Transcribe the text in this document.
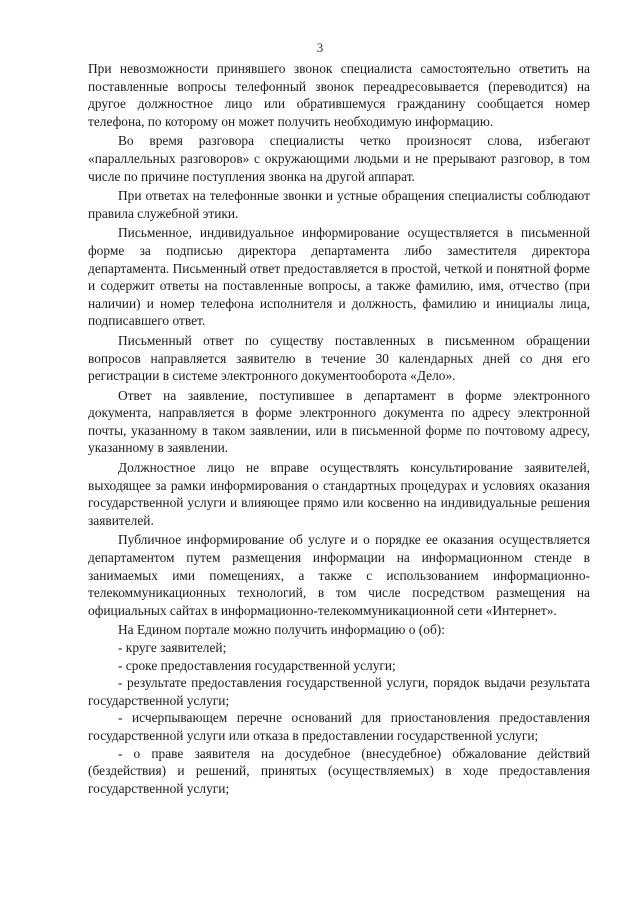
3

При невозможности принявшего звонок специалиста самостоятельно ответить на поставленные вопросы телефонный звонок переадресовывается (переводится) на другое должностное лицо или обратившемуся гражданину сообщается номер телефона, по которому он может получить необходимую информацию.

Во время разговора специалисты четко произносят слова, избегают «параллельных разговоров» с окружающими людьми и не прерывают разговор, в том числе по причине поступления звонка на другой аппарат.

При ответах на телефонные звонки и устные обращения специалисты соблюдают правила служебной этики.

Письменное, индивидуальное информирование осуществляется в письменной форме за подписью директора департамента либо заместителя директора департамента. Письменный ответ предоставляется в простой, четкой и понятной форме и содержит ответы на поставленные вопросы, а также фамилию, имя, отчество (при наличии) и номер телефона исполнителя и должность, фамилию и инициалы лица, подписавшего ответ.

Письменный ответ по существу поставленных в письменном обращении вопросов направляется заявителю в течение 30 календарных дней со дня его регистрации в системе электронного документооборота «Дело».

Ответ на заявление, поступившее в департамент в форме электронного документа, направляется в форме электронного документа по адресу электронной почты, указанному в таком заявлении, или в письменной форме по почтовому адресу, указанному в заявлении.

Должностное лицо не вправе осуществлять консультирование заявителей, выходящее за рамки информирования о стандартных процедурах и условиях оказания государственной услуги и влияющее прямо или косвенно на индивидуальные решения заявителей.

Публичное информирование об услуге и о порядке ее оказания осуществляется департаментом путем размещения информации на информационном стенде в занимаемых ими помещениях, а также с использованием информационно-телекоммуникационных технологий, в том числе посредством размещения на официальных сайтах в информационно-телекоммуникационной сети «Интернет».

На Едином портале можно получить информацию о (об):

- круге заявителей;

- сроке предоставления государственной услуги;

- результате предоставления государственной услуги, порядок выдачи результата государственной услуги;

- исчерпывающем перечне оснований для приостановления предоставления государственной услуги или отказа в предоставлении государственной услуги;

- о праве заявителя на досудебное (внесудебное) обжалование действий (бездействия) и решений, принятых (осуществляемых) в ходе предоставления государственной услуги;
